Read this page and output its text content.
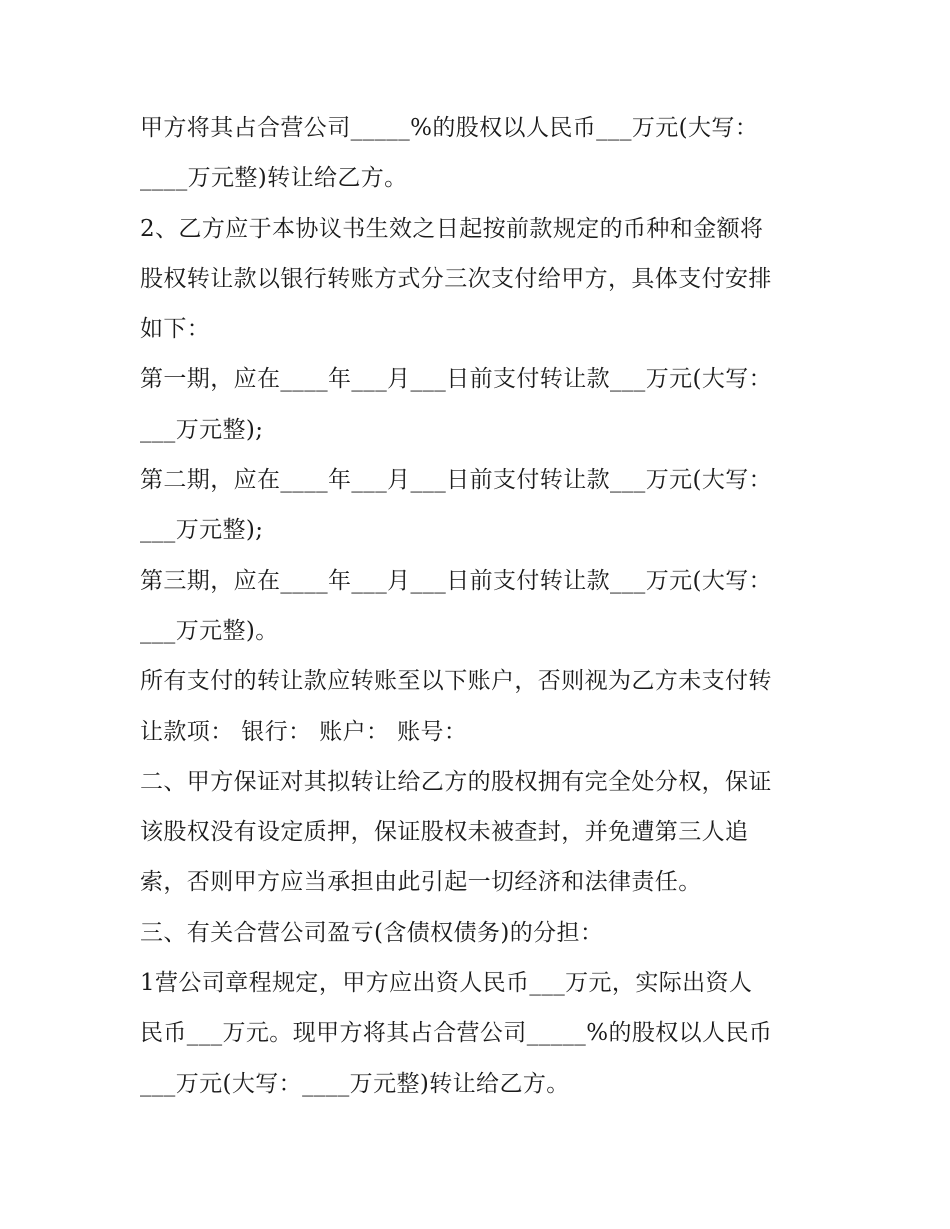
甲方将其占合营公司_____%的股权以人民币___万元(大写：
____万元整)转让给乙方。
2、乙方应于本协议书生效之日起按前款规定的币种和金额将
股权转让款以银行转账方式分三次支付给甲方，具体支付安排
如下：
第一期，应在____年___月___日前支付转让款___万元(大写：
___万元整);
第二期，应在____年___月___日前支付转让款___万元(大写：
___万元整);
第三期，应在____年___月___日前支付转让款___万元(大写：
___万元整)。
所有支付的转让款应转账至以下账户，否则视为乙方未支付转
让款项： 银行： 账户： 账号：
二、甲方保证对其拟转让给乙方的股权拥有完全处分权，保证
该股权没有设定质押，保证股权未被查封，并免遭第三人追
索，否则甲方应当承担由此引起一切经济和法律责任。
三、有关合营公司盈亏(含债权债务)的分担：
1营公司章程规定，甲方应出资人民币___万元，实际出资人
民币___万元。现甲方将其占合营公司_____%的股权以人民币
___万元(大写：____万元整)转让给乙方。
